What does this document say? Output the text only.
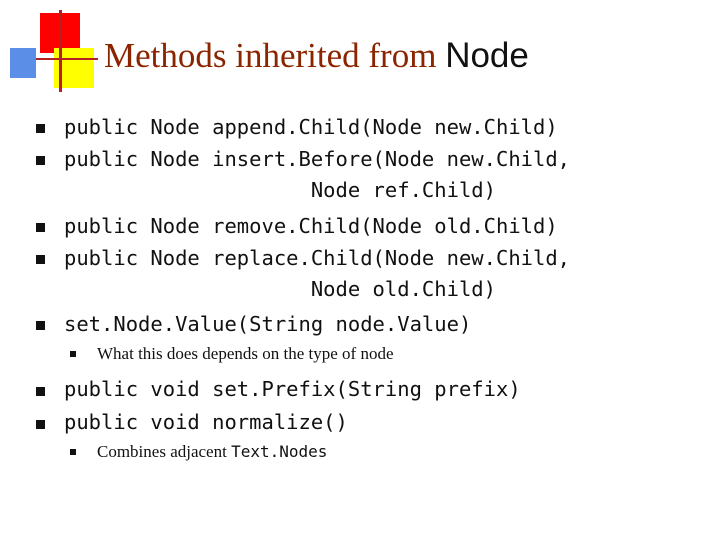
Methods inherited from Node
public Node append.Child(Node new.Child)
public Node insert.Before(Node new.Child,
Node ref.Child)
public Node remove.Child(Node old.Child)
public Node replace.Child(Node new.Child,
Node old.Child)
set.Node.Value(String node.Value)
What this does depends on the type of node
public void set.Prefix(String prefix)
public void normalize()
Combines adjacent Text.Nodes
